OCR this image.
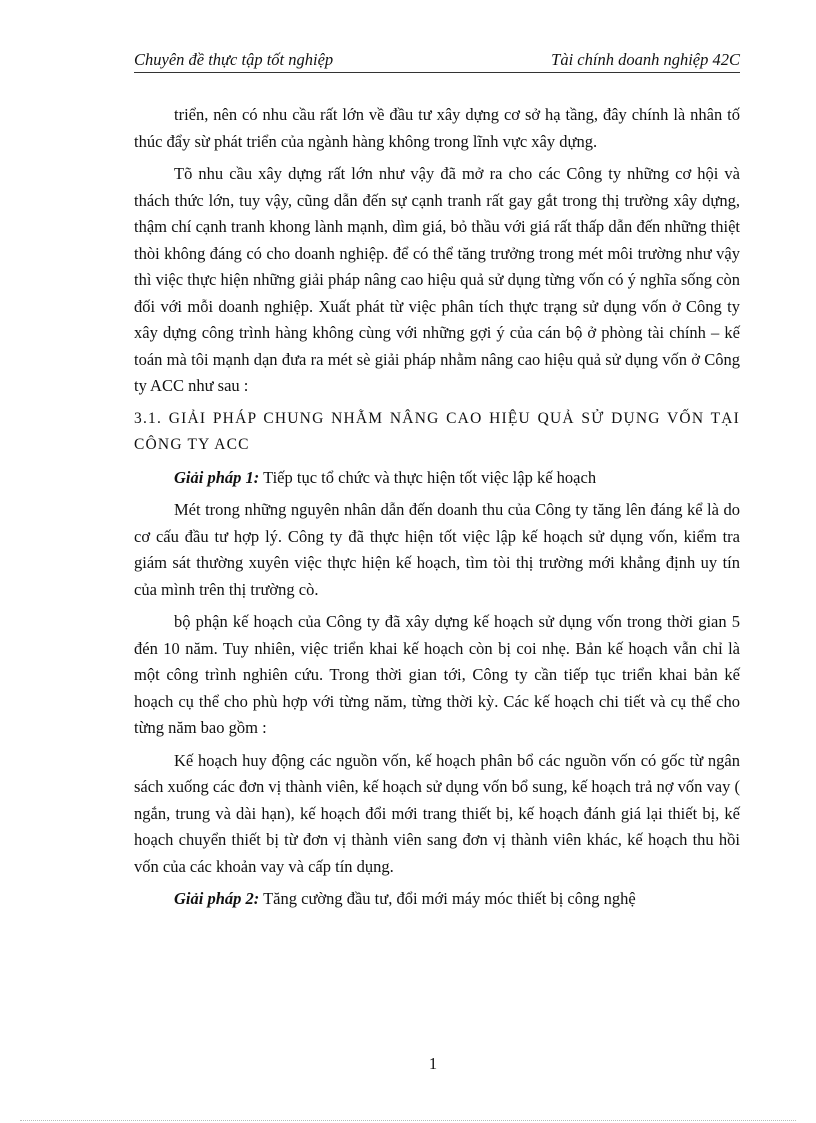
Chuyên đề thực tập tốt nghiệp	Tài chính doanh nghiệp 42C

triển, nên có nhu cầu rất lớn về đầu tư xây dựng cơ sở hạ tầng, đây chính là nhân tố thúc đẩy sừ phát triển của ngành hàng không trong lĩnh vực xây dựng.

Tõ nhu cầu xây dựng rất lớn như vậy đã mở ra cho các Công ty những cơ hội và thách thức lớn, tuy vậy, cũng dẫn đến sự cạnh tranh rất gay gắt trong thị trường xây dựng, thậm chí cạnh tranh khong lành mạnh, dìm giá, bỏ thầu với giá rất thấp dẫn đến những thiệt thòi không đáng có cho doanh nghiệp. để có thể tăng trưởng trong mét môi trường như vậy thì việc thực hiện những giải pháp nâng cao hiệu quả sử dụng từng vốn có ý nghĩa sống còn đối với mỗi doanh nghiệp. Xuất phát từ việc phân tích thực trạng sử dụng vốn ở Công ty xây dựng công trình hàng không cùng với những gợi ý của cán bộ ở phòng tài chính – kế toán mà tôi mạnh dạn đưa ra mét sè giải pháp nhằm nâng cao hiệu quả sử dụng vốn ở Công ty ACC như sau :

3.1. GIẢI PHÁP CHUNG NHẰM NÂNG CAO HIỆU QUẢ SỬ DỤNG VỐN TẠI CÔNG TY ACC

Giải pháp 1: Tiếp tục tổ chức và thực hiện tốt việc lập kế hoạch

Mét trong những nguyên nhân dẫn đến doanh thu của Công ty tăng lên đáng kể là do cơ cấu đầu tư hợp lý. Công ty đã thực hiện tốt việc lập kế hoạch sử dụng vốn, kiểm tra giám sát thường xuyên việc thực hiện kế hoạch, tìm tòi thị trường mới khẳng định uy tín của mình trên thị trường cò.

bộ phận kế hoạch của Công ty đã xây dựng kế hoạch sử dụng vốn trong thời gian 5 đén 10 năm. Tuy nhiên, việc triển khai kế hoạch còn bị coi nhẹ. Bản kế hoạch vẫn chỉ là một công trình nghiên cứu. Trong thời gian tới, Công ty cần tiếp tục triển khai bản kế hoạch cụ thể cho phù hợp với từng năm, từng thời kỳ. Các kế hoạch chi tiết và cụ thể cho từng năm bao gồm :

Kế hoạch huy động các nguồn vốn, kế hoạch phân bổ các nguồn vốn có gốc từ ngân sách xuống các đơn vị thành viên, kế hoạch sử dụng vốn bổ sung, kế hoạch trả nợ vốn vay ( ngắn, trung và dài hạn), kế hoạch đổi mới trang thiết bị, kế hoạch đánh giá lại thiết bị, kế hoạch chuyển thiết bị từ đơn vị thành viên sang đơn vị thành viên khác, kế hoạch thu hồi vốn của các khoản vay và cấp tín dụng.

Giải pháp 2: Tăng cường đầu tư, đổi mới máy móc thiết bị công nghệ

1
